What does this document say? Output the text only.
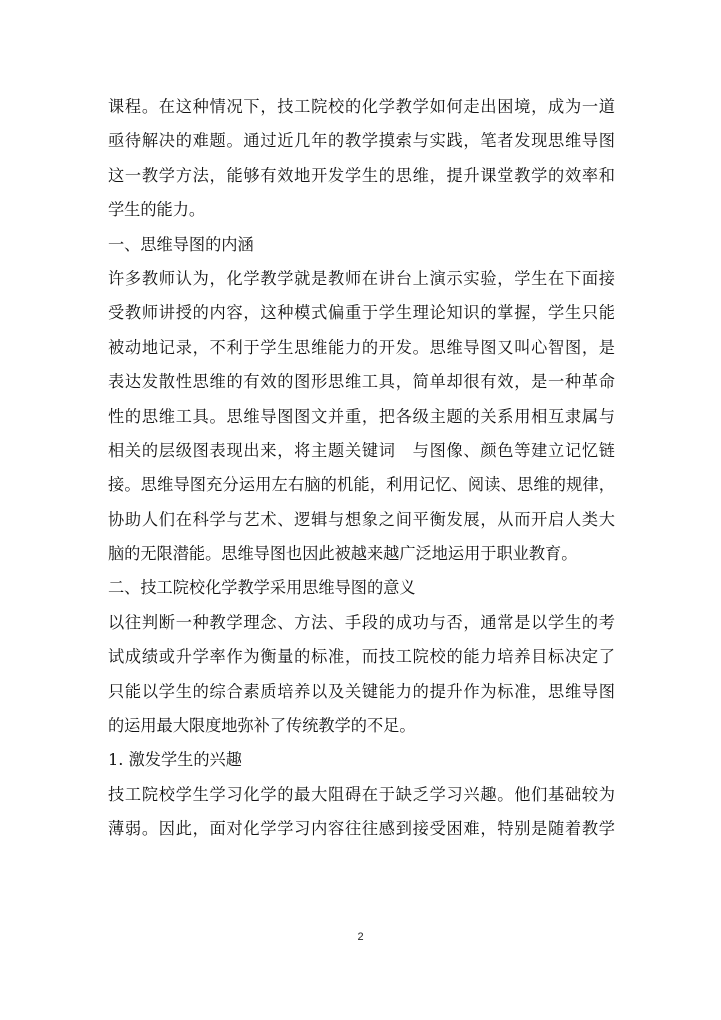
课程。在这种情况下，技工院校的化学教学如何走出困境，成为一道
亟待解决的难题。通过近几年的教学摸索与实践，笔者发现思维导图
这一教学方法，能够有效地开发学生的思维，提升课堂教学的效率和
学生的能力。
一、思维导图的内涵
许多教师认为，化学教学就是教师在讲台上演示实验，学生在下面接
受教师讲授的内容，这种模式偏重于学生理论知识的掌握，学生只能
被动地记录，不利于学生思维能力的开发。思维导图又叫心智图，是
表达发散性思维的有效的图形思维工具，简单却很有效，是一种革命
性的思维工具。思维导图图文并重，把各级主题的关系用相互隶属与
相关的层级图表现出来，将主题关键词　与图像、颜色等建立记忆链
接。思维导图充分运用左右脑的机能，利用记忆、阅读、思维的规律，
协助人们在科学与艺术、逻辑与想象之间平衡发展，从而开启人类大
脑的无限潜能。思维导图也因此被越来越广泛地运用于职业教育。
二、技工院校化学教学采用思维导图的意义
以往判断一种教学理念、方法、手段的成功与否，通常是以学生的考
试成绩或升学率作为衡量的标准，而技工院校的能力培养目标决定了
只能以学生的综合素质培养以及关键能力的提升作为标准，思维导图
的运用最大限度地弥补了传统教学的不足。
1. 激发学生的兴趣
技工院校学生学习化学的最大阻碍在于缺乏学习兴趣。他们基础较为
薄弱。因此，面对化学学习内容往往感到接受困难，特别是随着教学
2
